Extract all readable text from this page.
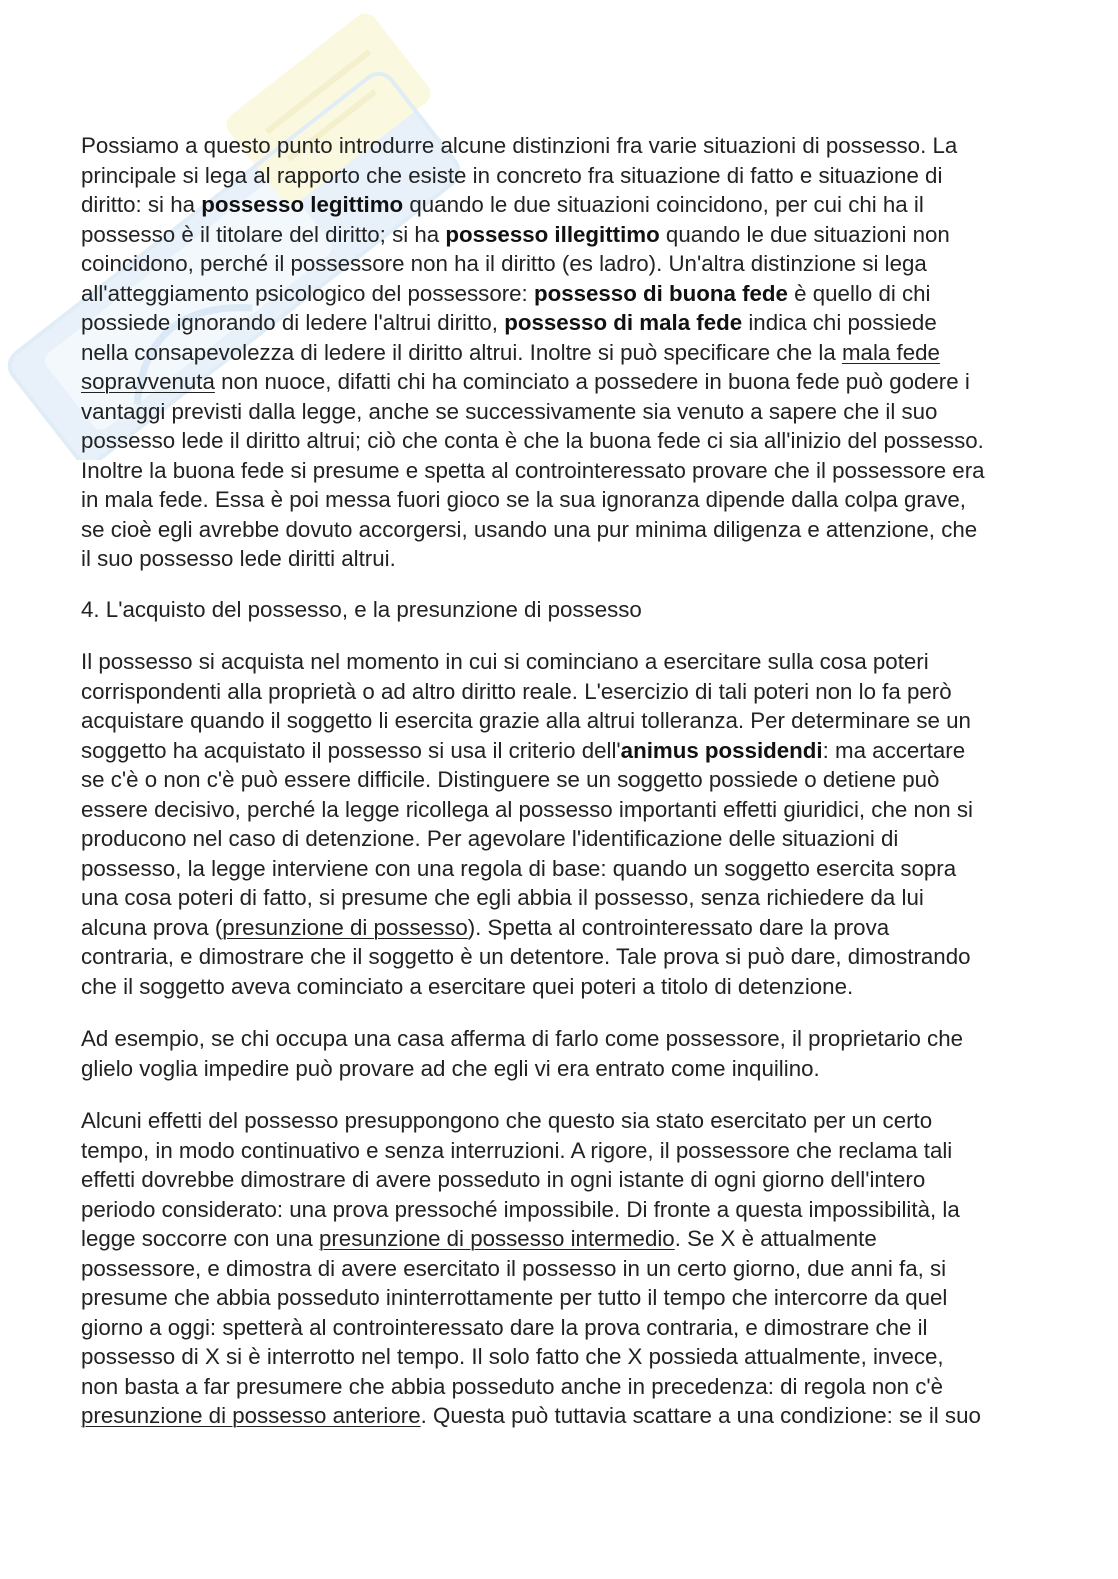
Possiamo a questo punto introdurre alcune distinzioni fra varie situazioni di possesso. La
principale si lega al rapporto che esiste in concreto fra situazione di fatto e situazione di
diritto: si ha possesso legittimo quando le due situazioni coincidono, per cui chi ha il
possesso è il titolare del diritto; si ha possesso illegittimo quando le due situazioni non
coincidono, perché il possessore non ha il diritto (es ladro). Un'altra distinzione si lega
all'atteggiamento psicologico del possessore: possesso di buona fede è quello di chi
possiede ignorando di ledere l'altrui diritto, possesso di mala fede indica chi possiede
nella consapevolezza di ledere il diritto altrui. Inoltre si può specificare che la mala fede
sopravvenuta non nuoce, difatti chi ha cominciato a possedere in buona fede può godere i
vantaggi previsti dalla legge, anche se successivamente sia venuto a sapere che il suo
possesso lede il diritto altrui; ciò che conta è che la buona fede ci sia all'inizio del possesso.
Inoltre la buona fede si presume e spetta al controinteressato provare che il possessore era
in mala fede. Essa è poi messa fuori gioco se la sua ignoranza dipende dalla colpa grave,
se cioè egli avrebbe dovuto accorgersi, usando una pur minima diligenza e attenzione, che
il suo possesso lede diritti altrui.
4. L'acquisto del possesso, e la presunzione di possesso
Il possesso si acquista nel momento in cui si cominciano a esercitare sulla cosa poteri
corrispondenti alla proprietà o ad altro diritto reale. L'esercizio di tali poteri non lo fa però
acquistare quando il soggetto li esercita grazie alla altrui tolleranza. Per determinare se un
soggetto ha acquistato il possesso si usa il criterio dell'animus possidendi: ma accertare
se c'è o non c'è può essere difficile. Distinguere se un soggetto possiede o detiene può
essere decisivo, perché la legge ricollega al possesso importanti effetti giuridici, che non si
producono nel caso di detenzione. Per agevolare l'identificazione delle situazioni di
possesso, la legge interviene con una regola di base: quando un soggetto esercita sopra
una cosa poteri di fatto, si presume che egli abbia il possesso, senza richiedere da lui
alcuna prova (presunzione di possesso). Spetta al controinteressato dare la prova
contraria, e dimostrare che il soggetto è un detentore. Tale prova si può dare, dimostrando
che il soggetto aveva cominciato a esercitare quei poteri a titolo di detenzione.
Ad esempio, se chi occupa una casa afferma di farlo come possessore, il proprietario che
glielo voglia impedire può provare ad che egli vi era entrato come inquilino.
Alcuni effetti del possesso presuppongono che questo sia stato esercitato per un certo
tempo, in modo continuativo e senza interruzioni. A rigore, il possessore che reclama tali
effetti dovrebbe dimostrare di avere posseduto in ogni istante di ogni giorno dell'intero
periodo considerato: una prova pressoché impossibile. Di fronte a questa impossibilità, la
legge soccorre con una presunzione di possesso intermedio. Se X è attualmente
possessore, e dimostra di avere esercitato il possesso in un certo giorno, due anni fa, si
presume che abbia posseduto ininterrottamente per tutto il tempo che intercorre da quel
giorno a oggi: spetterà al controinteressato dare la prova contraria, e dimostrare che il
possesso di X si è interrotto nel tempo. Il solo fatto che X possieda attualmente, invece,
non basta a far presumere che abbia posseduto anche in precedenza: di regola non c'è
presunzione di possesso anteriore. Questa può tuttavia scattare a una condizione: se il suo
